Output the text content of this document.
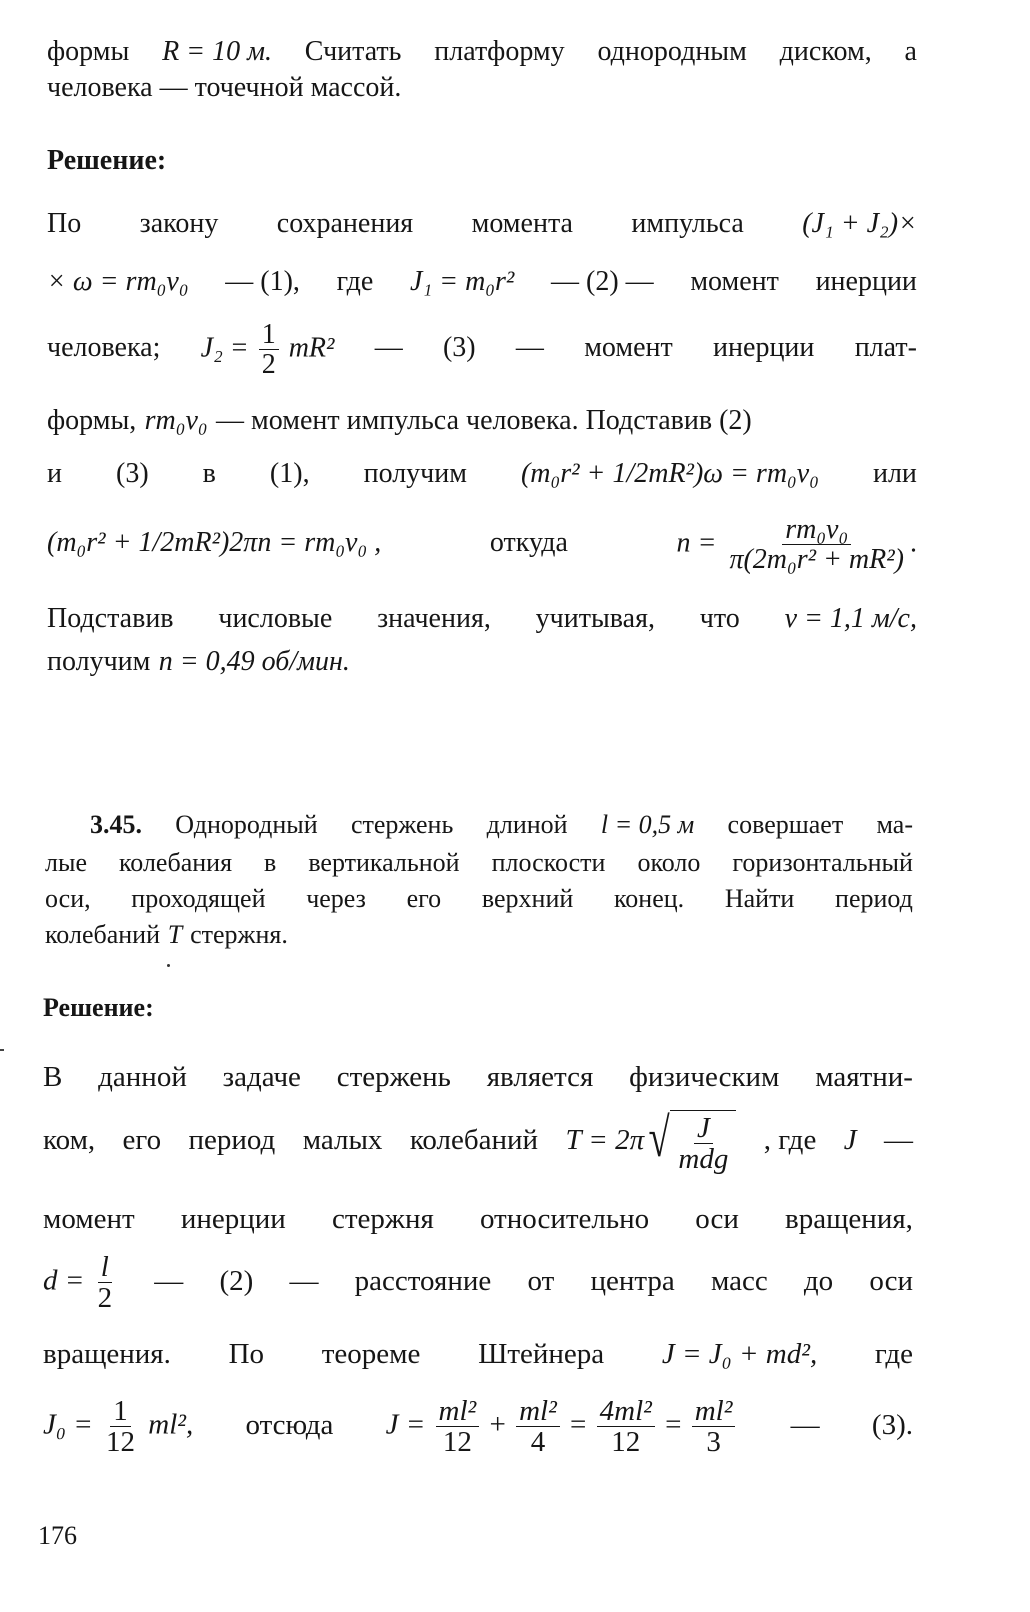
формы R = 10 м. Считать платформу однородным диском, а
человека — точечной массой.
Решение:
По закону сохранения момента импульса (J₁ + J₂)×
× ω = rm₀v₀ — (1), где J₁ = m₀r² — (2) — момент инерции
человека; $J_2 = \frac{1}{2} mR^2$ — (3) — момент инерции плат-
формы, rm₀v₀ — момент импульса человека. Подставив (2)
и (3) в (1), получим (m₀r² + 1/2mR²)ω = rm₀v₀ или
(m₀r² + 1/2mR²)2πn = rm₀v₀ ,	откуда	$n = \frac{\text{rm₀v₀}}{\text{π(2m₀r² + mR²)}}$ .
Подставив числовые значения, учитывая, что v = 1,1 м/с,
получим n = 0,49 об/мин.
3.45. Однородный стержень длиной l = 0,5 м совершает ма-
лые колебания в вертикальной плоскости около горизонтальный
оси, проходящей через его верхний конец. Найти период
колебаний T стержня.
Решение:
В данной задаче стержень является физическим маятни-
ком, его период малых колебаний T = 2π √ $\frac{J}{\text{mdg}}$ , где J —
момент инерции стержня относительно оси вращения,
$d = \frac{l}{2}$ — (2) — расстояние от центра масс до оси
вращения. По теореме Штейнера J = J₀ + md², где
$J_0 = \frac{1}{12} ml^2$, отсюда $J = \frac{\text{ml²}}{12} + \frac{\text{ml²}}{4} = \frac{\text{4ml²}}{12} = \frac{\text{ml²}}{3}$ — (3).

176
